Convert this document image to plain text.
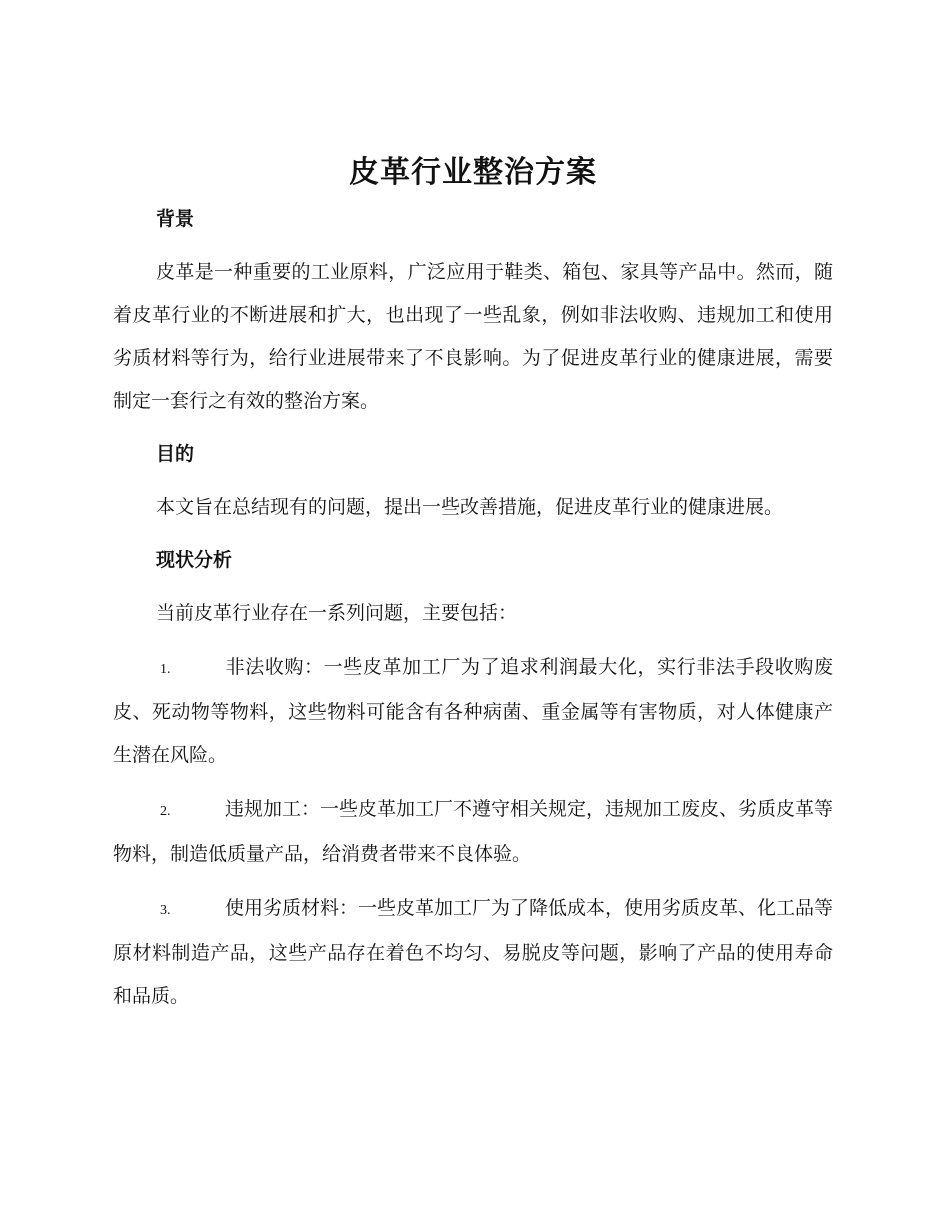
皮革行业整治方案
背景

皮革是一种重要的工业原料，广泛应用于鞋类、箱包、家具等产品中。然而，随着皮革行业的不断进展和扩大，也出现了一些乱象，例如非法收购、违规加工和使用劣质材料等行为，给行业进展带来了不良影响。为了促进皮革行业的健康进展，需要制定一套行之有效的整治方案。

目的

本文旨在总结现有的问题，提出一些改善措施，促进皮革行业的健康进展。

现状分析

当前皮革行业存在一系列问题，主要包括：

1.	非法收购：一些皮革加工厂为了追求利润最大化，实行非法手段收购废皮、死动物等物料，这些物料可能含有各种病菌、重金属等有害物质，对人体健康产生潜在风险。

2.	违规加工：一些皮革加工厂不遵守相关规定，违规加工废皮、劣质皮革等物料，制造低质量产品，给消费者带来不良体验。

3.	使用劣质材料：一些皮革加工厂为了降低成本，使用劣质皮革、化工品等原材料制造产品，这些产品存在着色不均匀、易脱皮等问题，影响了产品的使用寿命和品质。
